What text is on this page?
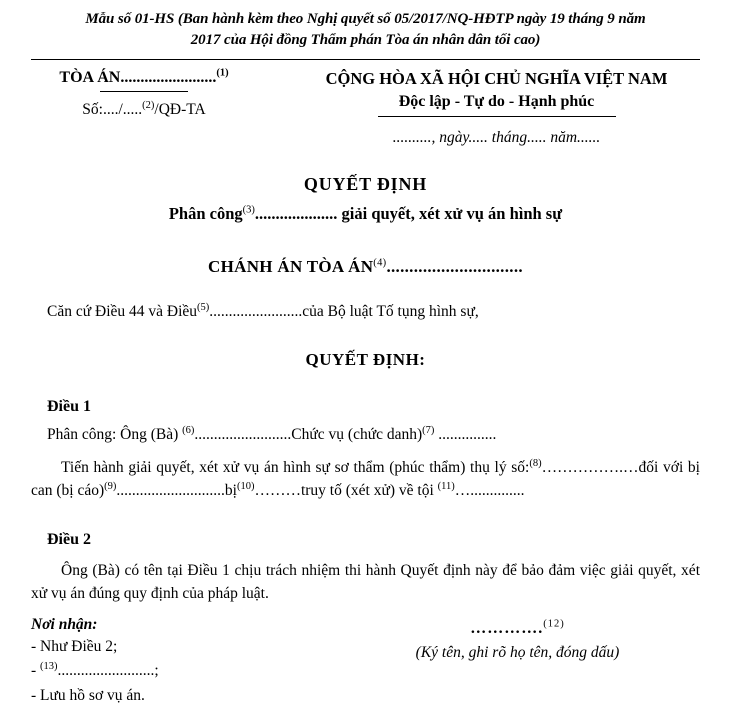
Mẫu số 01-HS (Ban hành kèm theo Nghị quyết số 05/2017/NQ-HĐTP ngày 19 tháng 9 năm
2017 của Hội đồng Thẩm phán Tòa án nhân dân tối cao)
TÒA ÁN........................$^{(1)}$
Số:..../.....$^{(2)}$/QĐ-TA
CỘNG HÒA XÃ HỘI CHỦ NGHĨA VIỆT NAM
Độc lập - Tự do - Hạnh phúc
.........., ngày..... tháng..... năm......
QUYẾT ĐỊNH
Phân công$^{(3)}$.................... giải quyết, xét xử vụ án hình sự
CHÁNH ÁN TÒA ÁN$^{(4)}$..............................
Căn cứ Điều 44 và Điều$^{(5)}$........................của Bộ luật Tố tụng hình sự,
QUYẾT ĐỊNH:
Điều 1
Phân công: Ông (Bà) $^{(6)}$.........................Chức vụ (chức danh)$^{(7)}$ ...............
Tiến hành giải quyết, xét xử vụ án hình sự sơ thẩm (phúc thẩm) thụ lý số:$^{(8)}$…………….…đối với bị can (bị cáo)$^{(9)}$............................bị$^{(10)}$………truy tố (xét xử) về tội $^{(11)}$…..............
Điều 2
Ông (Bà) có tên tại Điều 1 chịu trách nhiệm thi hành Quyết định này để bảo đảm việc giải quyết, xét xử vụ án đúng quy định của pháp luật.
Nơi nhận:
- Như Điều 2;
- $^{(13)}$.........................;
- Lưu hồ sơ vụ án.
………….$^{(12)}$
(Ký tên, ghi rõ họ tên, đóng dấu)
